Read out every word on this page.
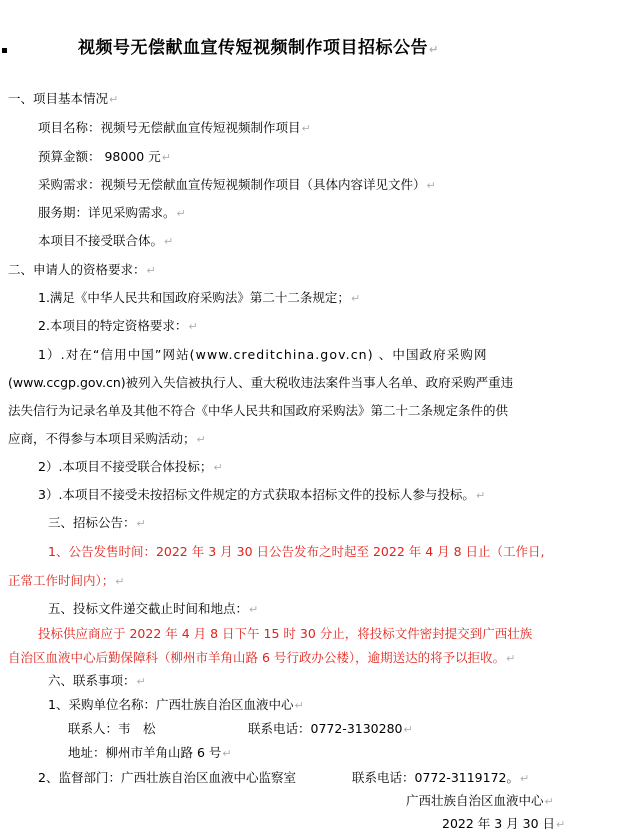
视频号无偿献血宣传短视频制作项目招标公告↵
一、项目基本情况↵
项目名称：视频号无偿献血宣传短视频制作项目↵
预算金额： 98000 元↵
采购需求：视频号无偿献血宣传短视频制作项目（具体内容详见文件）↵
服务期：详见采购需求。↵
本项目不接受联合体。↵
二、申请人的资格要求：↵
1.满足《中华人民共和国政府采购法》第二十二条规定；↵
2.本项目的特定资格要求：↵
1）.对在“信用中国”网站(www.creditchina.gov.cn) 、中国政府采购网
(www.ccgp.gov.cn)被列入失信被执行人、重大税收违法案件当事人名单、政府采购严重违
法失信行为记录名单及其他不符合《中华人民共和国政府采购法》第二十二条规定条件的供
应商，不得参与本项目采购活动；↵
2）.本项目不接受联合体投标；↵
3）.本项目不接受未按招标文件规定的方式获取本招标文件的投标人参与投标。↵
三、招标公告：↵
1、公告发售时间：2022 年 3 月 30 日公告发布之时起至 2022 年 4 月 8 日止（工作日,
正常工作时间内）；↵
五、投标文件递交截止时间和地点：↵
投标供应商应于 2022 年 4 月 8 日下午 15 时 30 分止，将投标文件密封提交到广西壮族
自治区血液中心后勤保障科（柳州市羊角山路 6 号行政办公楼），逾期送达的将予以拒收。↵
六、联系事项：↵
1、采购单位名称：广西壮族自治区血液中心↵
联系人：韦　松	联系电话：0772-3130280↵
地址：柳州市羊角山路 6 号↵
2、监督部门：广西壮族自治区血液中心监察室	联系电话：0772-3119172。↵
广西壮族自治区血液中心↵
2022 年 3 月 30 日↵
